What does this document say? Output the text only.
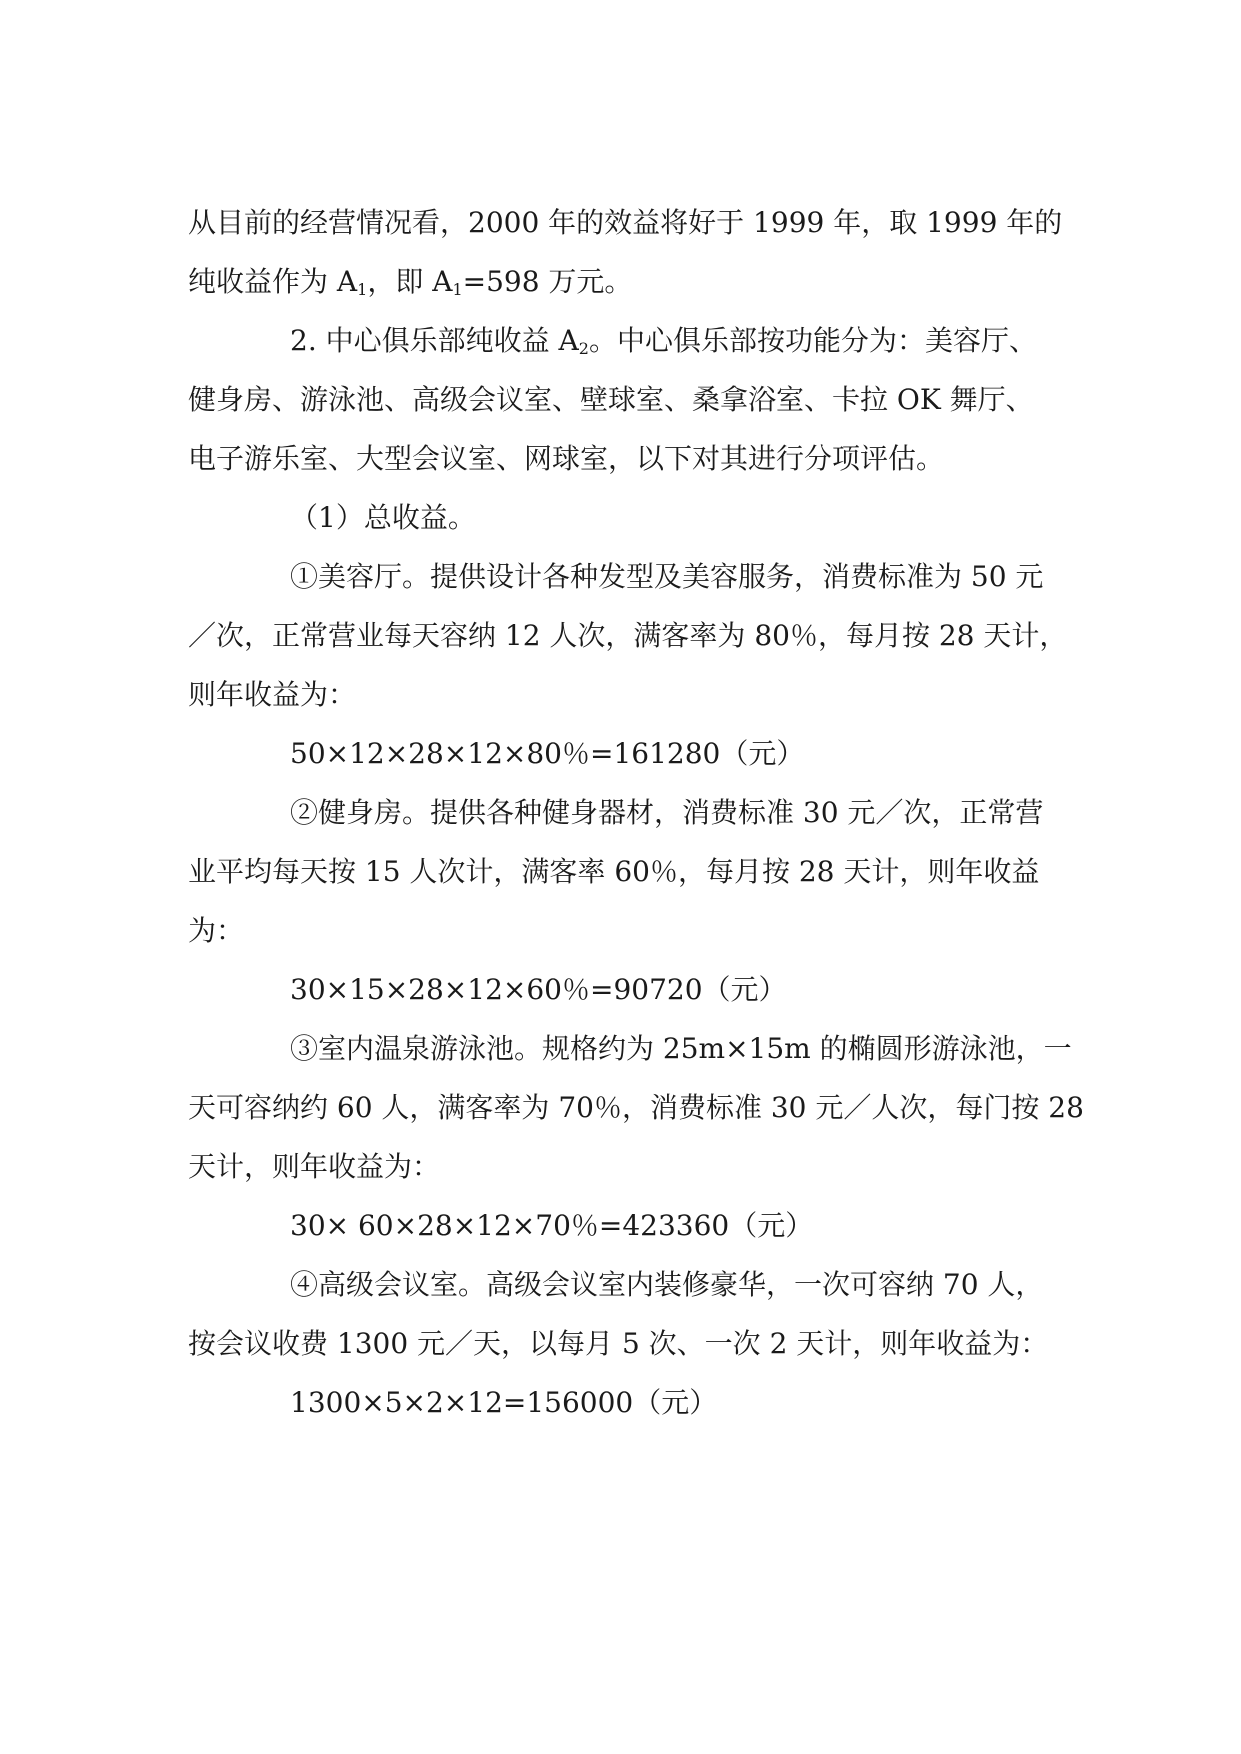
从目前的经营情况看，2000 年的效益将好于 1999 年，取 1999 年的
纯收益作为 $A_1$，即 $A_1=598$ 万元。
2. 中心俱乐部纯收益 $A_2$。中心俱乐部按功能分为：美容厅、
健身房、游泳池、高级会议室、壁球室、桑拿浴室、卡拉 OK 舞厅、
电子游乐室、大型会议室、网球室，以下对其进行分项评估。
（1）总收益。
①美容厅。提供设计各种发型及美容服务，消费标准为 50 元
／次，正常营业每天容纳 12 人次，满客率为 80％，每月按 28 天计，
则年收益为：
50×12×28×12×80％=161280（元）
②健身房。提供各种健身器材，消费标准 30 元／次，正常营
业平均每天按 15 人次计，满客率 60％，每月按 28 天计，则年收益
为：
30×15×28×12×60％=90720（元）
③室内温泉游泳池。规格约为 25m×15m 的椭圆形游泳池，一
天可容纳约 60 人，满客率为 70％，消费标准 30 元／人次，每门按 28
天计，则年收益为：
30× 60×28×12×70％=423360（元）
④高级会议室。高级会议室内装修豪华，一次可容纳 70 人，
按会议收费 1300 元／天，以每月 5 次、一次 2 天计，则年收益为：
1300×5×2×12=156000（元）
